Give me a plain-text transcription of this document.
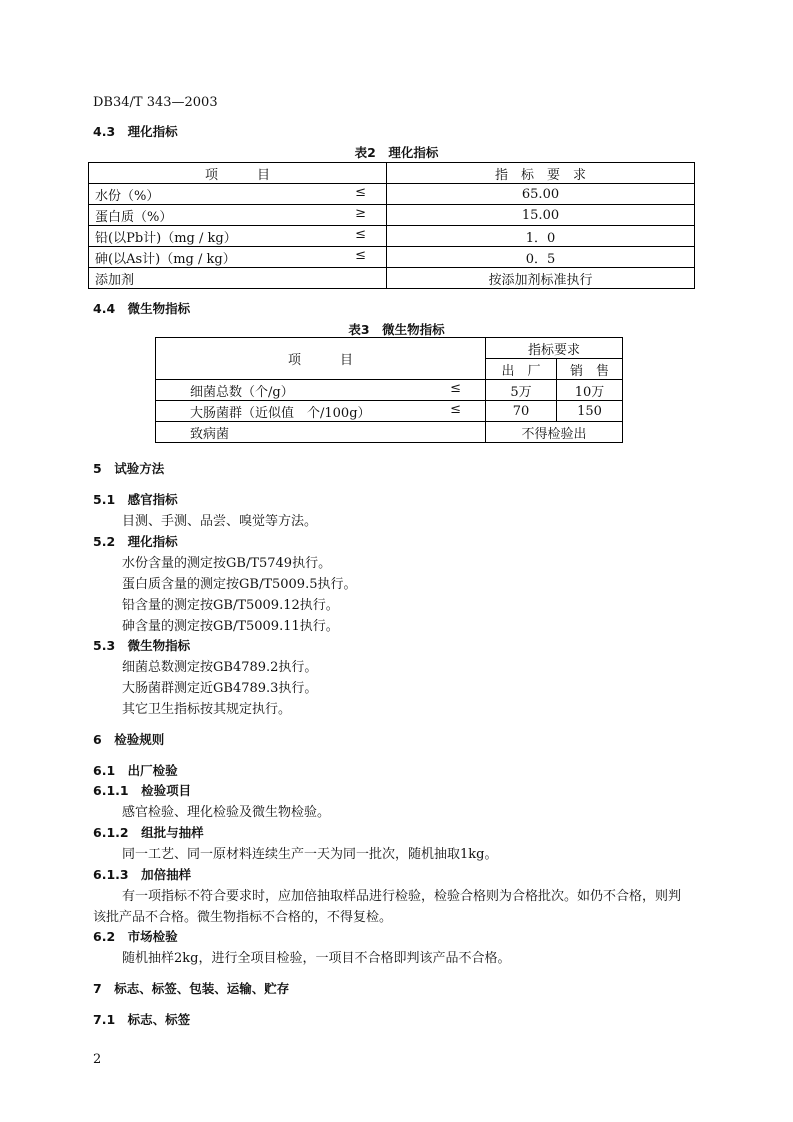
DB34/T 343—2003
4.3　理化指标
表2　理化指标
项　　　目	指　标　要　求
水份（%） ≤	65.00
蛋白质（%） ≥	15.00
铅(以Pb计)（mg / kg） ≤	1．0
砷(以As计)（mg / kg） ≤	0．5
添加剂	按添加剂标准执行
4.4　微生物指标
表3　微生物指标
项　　　目	指标要求	
	出　厂	销　售
细菌总数（个/g） ≤	5万	10万
大肠菌群（近似值　个/100g） ≤	70	150
致病菌	不得检验出	
5　试验方法
5.1　感官指标
目测、手测、品尝、嗅觉等方法。
5.2　理化指标
水份含量的测定按GB/T5749执行。
蛋白质含量的测定按GB/T5009.5执行。
铅含量的测定按GB/T5009.12执行。
砷含量的测定按GB/T5009.11执行。
5.3　微生物指标
细菌总数测定按GB4789.2执行。
大肠菌群测定近GB4789.3执行。
其它卫生指标按其规定执行。
6　检验规则
6.1　出厂检验
6.1.1　检验项目
感官检验、理化检验及微生物检验。
6.1.2　组批与抽样
同一工艺、同一原材料连续生产一天为同一批次，随机抽取1kg。
6.1.3　加倍抽样
有一项指标不符合要求时，应加倍抽取样品进行检验，检验合格则为合格批次。如仍不合格，则判
该批产品不合格。微生物指标不合格的，不得复检。
6.2　市场检验
随机抽样2kg，进行全项目检验，一项目不合格即判该产品不合格。
7　标志、标签、包装、运输、贮存
7.1　标志、标签
2
